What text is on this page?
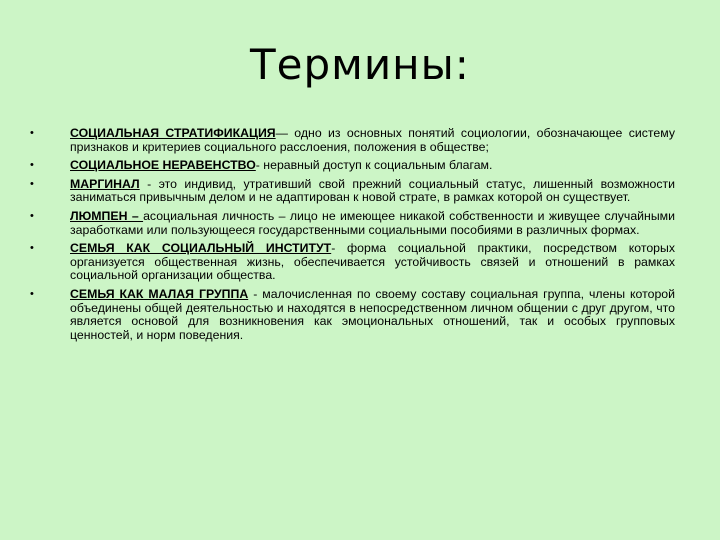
Термины:
•	СОЦИАЛЬНАЯ СТРАТИФИКАЦИЯ— одно из основных понятий социологии, обозначающее систему признаков и критериев социального расслоения, положения в обществе;
•	СОЦИАЛЬНОЕ НЕРАВЕНСТВО- неравный доступ к социальным благам.
•	МАРГИНАЛ - это индивид, утративший свой прежний социальный статус, лишенный возможности заниматься привычным делом и не адаптирован к новой страте, в рамках которой он существует.
•	ЛЮМПЕН – асоциальная личность – лицо не имеющее никакой собственности и живущее случайными заработками или пользующееся государственными социальными пособиями в различных формах.
•	СЕМЬЯ КАК СОЦИАЛЬНЫЙ ИНСТИТУТ- форма социальной практики, посредством которых организуется общественная жизнь, обеспечивается устойчивость связей и отношений в рамках социальной организации общества.
•	СЕМЬЯ КАК МАЛАЯ ГРУППА - малочисленная по своему составу социальная группа, члены которой объединены общей деятельностью и находятся в непосредственном личном общении с друг другом, что является основой для возникновения как эмоциональных отношений, так и особых групповых ценностей, и норм поведения.
